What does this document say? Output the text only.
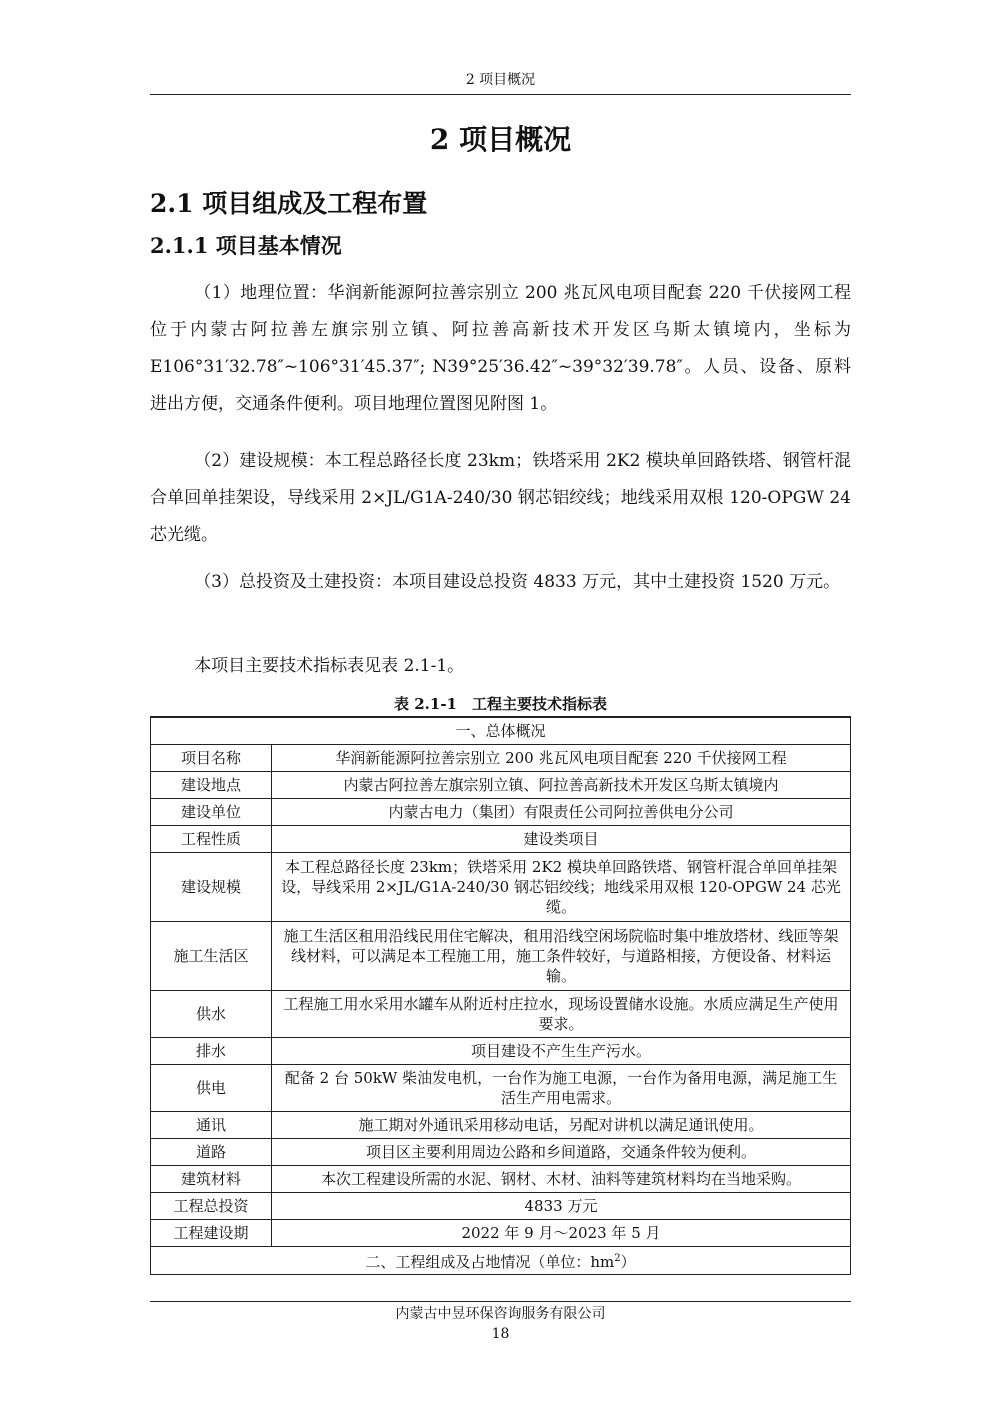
2 项目概况
2 项目概况
2.1 项目组成及工程布置
2.1.1 项目基本情况

（1）地理位置：华润新能源阿拉善宗别立 200 兆瓦风电项目配套 220 千伏接网工程位于内蒙古阿拉善左旗宗别立镇、阿拉善高新技术开发区乌斯太镇境内，坐标为 E106°31′32.78″~106°31′45.37″; N39°25′36.42″~39°32′39.78″。人员、设备、原料进出方便，交通条件便利。项目地理位置图见附图 1。

（2）建设规模：本工程总路径长度 23km；铁塔采用 2K2 模块单回路铁塔、钢管杆混合单回单挂架设，导线采用 2×JL/G1A-240/30 钢芯铝绞线；地线采用双根 120-OPGW 24 芯光缆。

（3）总投资及土建投资：本项目建设总投资 4833 万元，其中土建投资 1520 万元。

本项目主要技术指标表见表 2.1-1。

表 2.1-1　工程主要技术指标表
一、总体概况	
项目名称	华润新能源阿拉善宗别立 200 兆瓦风电项目配套 220 千伏接网工程
建设地点	内蒙古阿拉善左旗宗别立镇、阿拉善高新技术开发区乌斯太镇境内
建设单位	内蒙古电力（集团）有限责任公司阿拉善供电分公司
工程性质	建设类项目
建设规模	本工程总路径长度 23km；铁塔采用 2K2 模块单回路铁塔、钢管杆混合单回单挂架设，导线采用 2×JL/G1A-240/30 钢芯铝绞线；地线采用双根 120-OPGW 24 芯光缆。
施工生活区	施工生活区租用沿线民用住宅解决，租用沿线空闲场院临时集中堆放塔材、线匝等架线材料，可以满足本工程施工用，施工条件较好，与道路相接，方便设备、材料运输。
供水	工程施工用水采用水罐车从附近村庄拉水，现场设置储水设施。水质应满足生产使用要求。
排水	项目建设不产生生产污水。
供电	配备 2 台 50kW 柴油发电机，一台作为施工电源，一台作为备用电源，满足施工生活生产用电需求。
通讯	施工期对外通讯采用移动电话，另配对讲机以满足通讯使用。
道路	项目区主要利用周边公路和乡间道路，交通条件较为便利。
建筑材料	本次工程建设所需的水泥、钢材、木材、油料等建筑材料均在当地采购。
工程总投资	4833 万元
工程建设期	2022 年 9 月～2023 年 5 月
二、工程组成及占地情况（单位：$hm^2$）	
内蒙古中昱环保咨询服务有限公司
18
